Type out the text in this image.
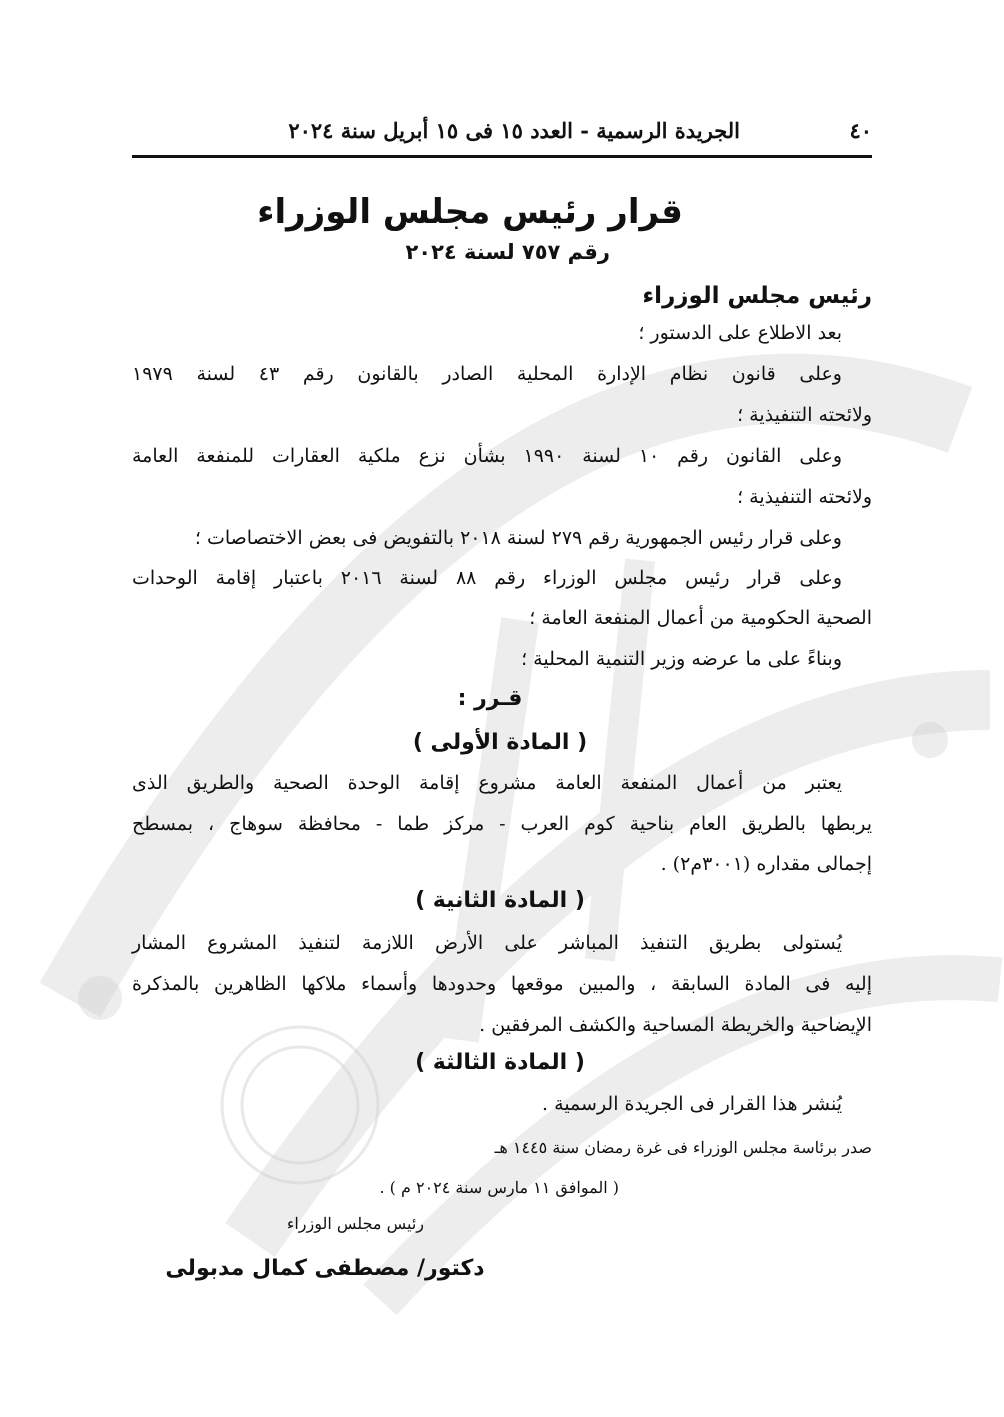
٤٠
الجريدة الرسمية - العدد ١٥ فى ١٥ أبريل سنة ٢٠٢٤
قرار رئيس مجلس الوزراء
رقم ٧٥٧ لسنة ٢٠٢٤
رئيس مجلس الوزراء
بعد الاطلاع على الدستور ؛
وعلى قانون نظام الإدارة المحلية الصادر بالقانون رقم ٤٣ لسنة ١٩٧٩
ولائحته التنفيذية ؛
وعلى القانون رقم ١٠ لسنة ١٩٩٠ بشأن نزع ملكية العقارات للمنفعة العامة
ولائحته التنفيذية ؛
وعلى قرار رئيس الجمهورية رقم ٢٧٩ لسنة ٢٠١٨ بالتفويض فى بعض الاختصاصات ؛
وعلى قرار رئيس مجلس الوزراء رقم ٨٨ لسنة ٢٠١٦ باعتبار إقامة الوحدات
الصحية الحكومية من أعمال المنفعة العامة ؛
وبناءً على ما عرضه وزير التنمية المحلية ؛
قـرر :
( المادة الأولى )
يعتبر من أعمال المنفعة العامة مشروع إقامة الوحدة الصحية والطريق الذى
يربطها بالطريق العام بناحية كوم العرب - مركز طما - محافظة سوهاج ، بمسطح
إجمالى مقداره (٣٠٠١م٢) .
( المادة الثانية )
يُستولى بطريق التنفيذ المباشر على الأرض اللازمة لتنفيذ المشروع المشار
إليه فى المادة السابقة ، والمبين موقعها وحدودها وأسماء ملاكها الظاهرين بالمذكرة
الإيضاحية والخريطة المساحية والكشف المرفقين .
( المادة الثالثة )
يُنشر هذا القرار فى الجريدة الرسمية .
صدر برئاسة مجلس الوزراء فى غرة رمضان سنة ١٤٤٥ هـ
( الموافق ١١ مارس سنة ٢٠٢٤ م ) .
رئيس مجلس الوزراء
دكتور/ مصطفى كمال مدبولى
